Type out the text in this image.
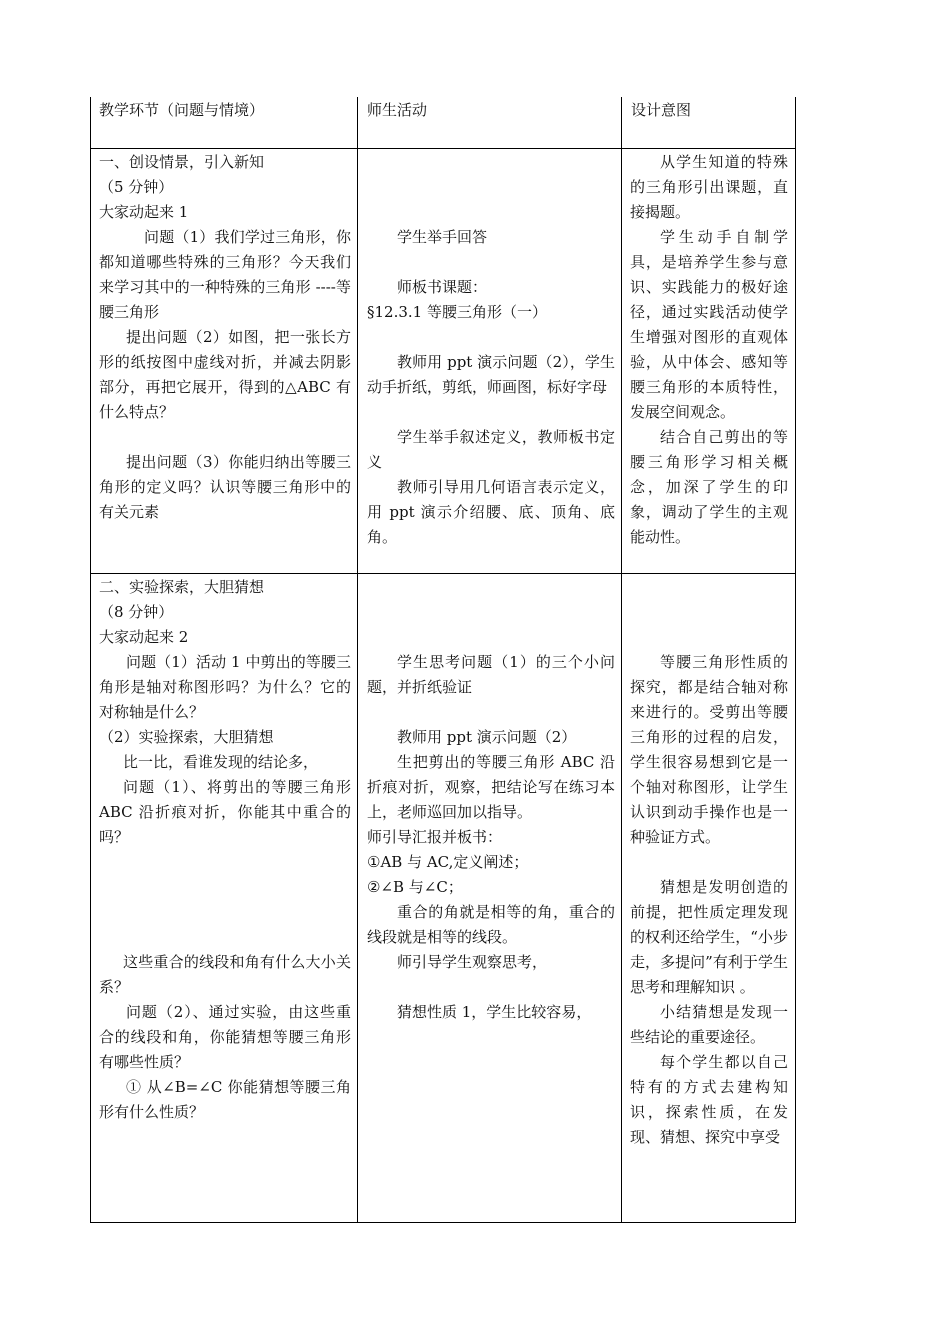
教学环节（问题与情境）	师生活动	设计意图

一、创设情景，引入新知

（5 分钟）

大家动起来 1

问题（1）我们学过三角形，你都知道哪些特殊的三角形？今天我们来学习其中的一种特殊的三角形 ----等腰三角形

提出问题（2）如图，把一张长方形的纸按图中虚线对折，并减去阴影部分，再把它展开，得到的△ABC 有什么特点？

提出问题（3）你能归纳出等腰三角形的定义吗？认识等腰三角形中的有关元素

学生举手回答

师板书课题：

§12.3.1 等腰三角形（一）

教师用 ppt 演示问题（2），学生动手折纸，剪纸，师画图，标好字母

学生举手叙述定义，教师板书定义

教师引导用几何语言表示定义，用 ppt 演示介绍腰、底、顶角、底角。

从学生知道的特殊的三角形引出课题，直接揭题。

学生动手自制学具，是培养学生参与意识、实践能力的极好途径，通过实践活动使学生增强对图形的直观体验，从中体会、感知等腰三角形的本质特性，发展空间观念。

结合自己剪出的等腰三角形学习相关概念，加深了学生的印象，调动了学生的主观能动性。

二、实验探索，大胆猜想

（8 分钟）

大家动起来 2

问题（1）活动 1 中剪出的等腰三角形是轴对称图形吗？为什么？它的对称轴是什么？

（2）实验探索，大胆猜想

比一比，看谁发现的结论多，

问题（1）、将剪出的等腰三角形 ABC 沿折痕对折，你能其中重合的吗？

这些重合的线段和角有什么大小关系？

问题（2）、通过实验，由这些重合的线段和角，你能猜想等腰三角形有哪些性质？

① 从∠B=∠C 你能猜想等腰三角形有什么性质？

学生思考问题（1）的三个小问题，并折纸验证

教师用 ppt 演示问题（2）

生把剪出的等腰三角形 ABC 沿折痕对折，观察，把结论写在练习本上，老师巡回加以指导。

师引导汇报并板书：

①AB 与 AC,定义阐述；

②∠B 与∠C；

重合的角就是相等的角，重合的线段就是相等的线段。

师引导学生观察思考，

猜想性质 1，学生比较容易，

等腰三角形性质的探究，都是结合轴对称来进行的。受剪出等腰三角形的过程的启发，学生很容易想到它是一个轴对称图形，让学生认识到动手操作也是一种验证方式。

猜想是发明创造的前提，把性质定理发现的权利还给学生，“小步走，多提问”有利于学生思考和理解知识 。

小结猜想是发现一些结论的重要途径。

每个学生都以自己特有的方式去建构知识，探索性质，在发现、猜想、探究中享受
